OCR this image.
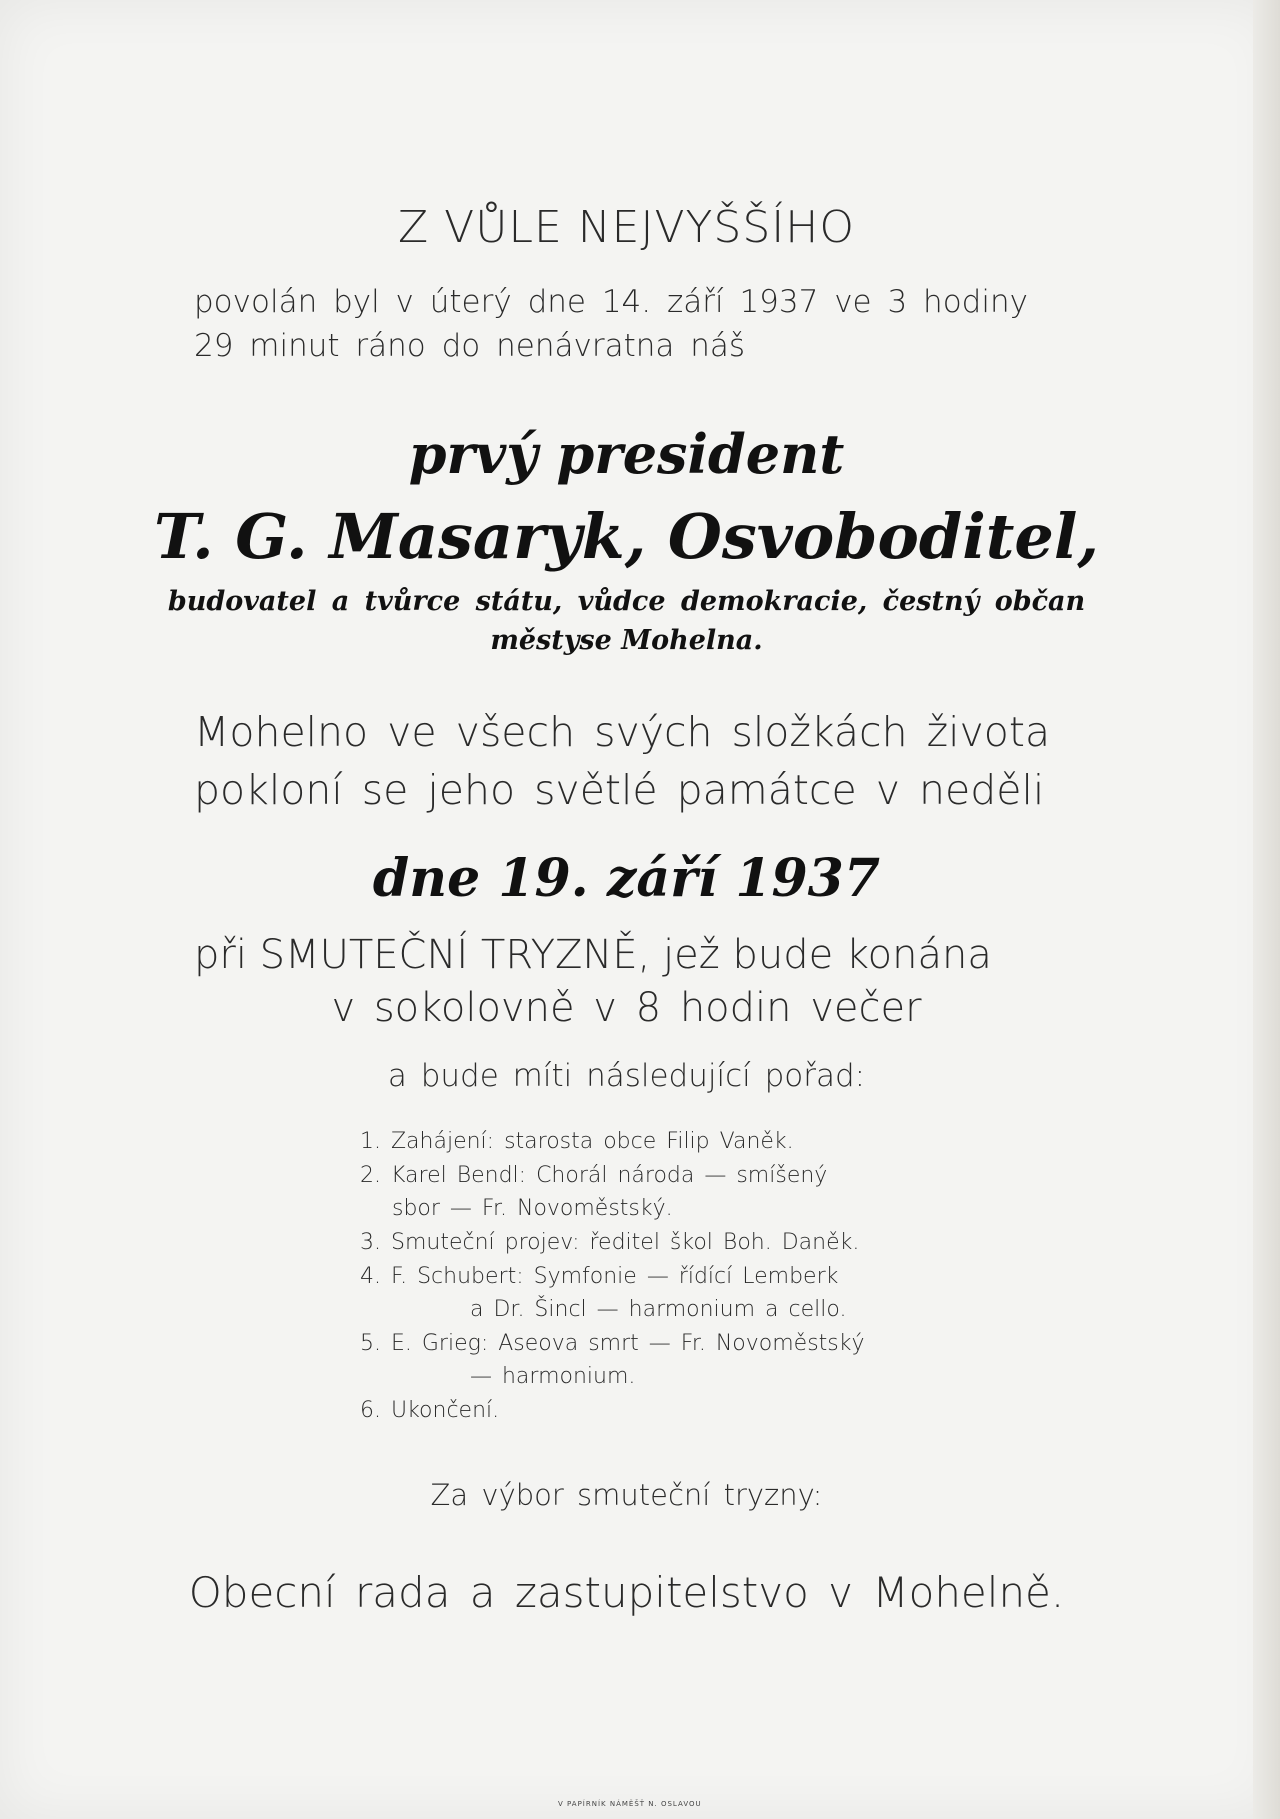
Z VŮLE NEJVYŠŠÍHO
povolán byl v úterý dne 14. září 1937 ve 3 hodiny
29 minut ráno do nenávratna náš
prvý president
T. G. Masaryk, Osvoboditel,
budovatel a tvůrce státu, vůdce demokracie, čestný občan
městyse Mohelna.
Mohelno ve všech svých složkách života
pokloní se jeho světlé památce v neděli
dne 19. září 1937
při SMUTEČNÍ TRYZNĚ, jež bude konána
v sokolovně v 8 hodin večer
a bude míti následující pořad:
1. Zahájení: starosta obce Filip Vaněk.
2. Karel Bendl: Chorál národa — smíšený
sbor — Fr. Novoměstský.
3. Smuteční projev: ředitel škol Boh. Daněk.
4. F. Schubert: Symfonie — řídící Lemberk
a Dr. Šincl — harmonium a cello.
5. E. Grieg: Aseova smrt — Fr. Novoměstský
— harmonium.
6. Ukončení.
Za výbor smuteční tryzny:
Obecní rada a zastupitelstvo v Mohelně.
V PAPÍRNÍK NÁMĚŠŤ N. OSLAVOU
